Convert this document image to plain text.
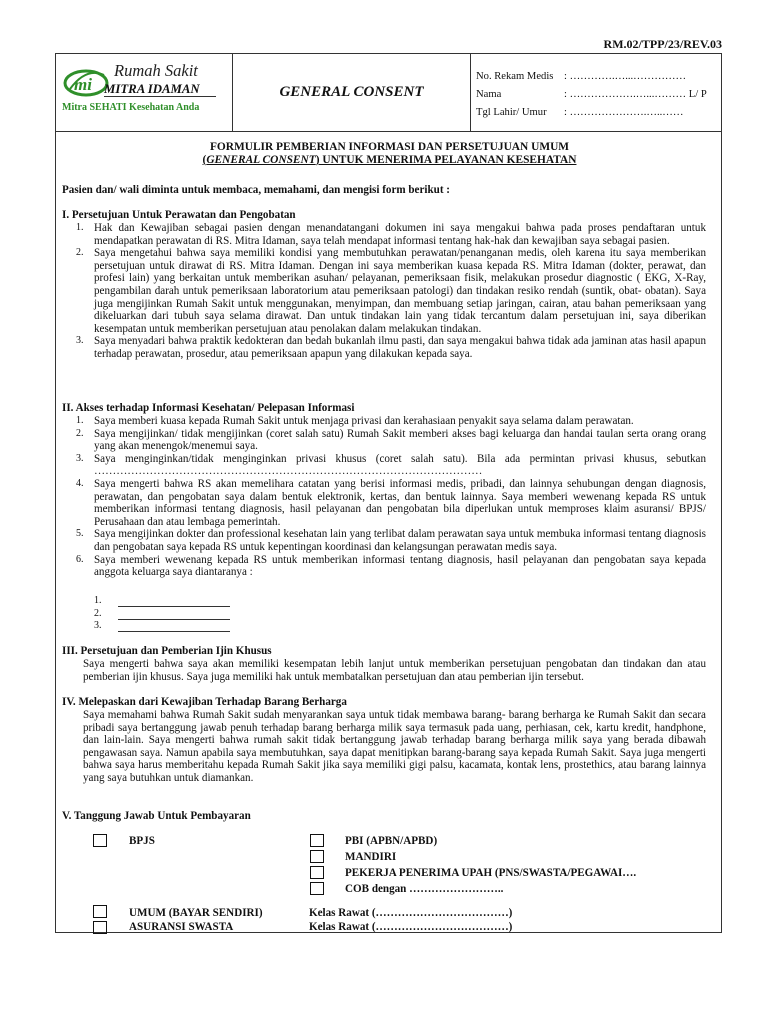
RM.02/TPP/23/REV.03
mi
Rumah Sakit
MITRA IDAMAN
Mitra SEHATI Kesehatan Anda
GENERAL CONSENT
No. Rekam Medis	: ………….…...……………
Nama	: ……………….…...……… L/ P
Tgl Lahir/ Umur	: ………………….…..……
FORMULIR PEMBERIAN INFORMASI DAN PERSETUJUAN UMUM
(GENERAL CONSENT) UNTUK MENERIMA PELAYANAN KESEHATAN

Pasien dan/ wali diminta untuk membaca, memahami, dan mengisi form berikut :

I. Persetujuan Untuk Perawatan dan Pengobatan
1. Hak dan Kewajiban sebagai pasien dengan menandatangani dokumen ini saya mengakui bahwa pada proses pendaftaran untuk mendapatkan perawatan di RS. Mitra Idaman, saya telah mendapat informasi tentang hak-hak dan kewajiban saya sebagai pasien.
2. Saya mengetahui bahwa saya memiliki kondisi yang membutuhkan perawatan/penanganan medis, oleh karena itu saya memberikan persetujuan untuk dirawat di RS. Mitra Idaman. Dengan ini saya memberikan kuasa kepada RS. Mitra Idaman (dokter, perawat, dan profesi lain) yang berkaitan untuk memberikan asuhan/ pelayanan, pemeriksaan fisik, melakukan prosedur diagnostic ( EKG, X-Ray, pengambilan darah untuk pemeriksaan laboratorium atau pemeriksaan patologi) dan tindakan resiko rendah (suntik, obat- obatan). Saya juga mengijinkan Rumah Sakit untuk menggunakan, menyimpan, dan membuang setiap jaringan, cairan, atau bahan pemeriksaan yang dikeluarkan dari tubuh saya selama dirawat. Dan untuk tindakan lain yang tidak tercantum dalam persetujuan ini, saya diberikan kesempatan untuk memberikan persetujuan atau penolakan dalam melakukan tindakan.
3. Saya menyadari bahwa praktik kedokteran dan bedah bukanlah ilmu pasti, dan saya mengakui bahwa tidak ada jaminan atas hasil apapun terhadap perawatan, prosedur, atau pemeriksaan apapun yang dilakukan kepada saya.
II. Akses terhadap Informasi Kesehatan/ Pelepasan Informasi
1. Saya memberi kuasa kepada Rumah Sakit untuk menjaga privasi dan kerahasiaan penyakit saya selama dalam perawatan.
2. Saya mengijinkan/ tidak mengijinkan (coret salah satu) Rumah Sakit memberi akses bagi keluarga dan handai taulan serta orang orang yang akan menengok/menemui saya.
3. Saya menginginkan/tidak menginginkan privasi khusus (coret salah satu). Bila ada permintan privasi khusus, sebutkan ……………………………………………………………………………………………
4. Saya mengerti bahwa RS akan memelihara catatan yang berisi informasi medis, pribadi, dan lainnya sehubungan dengan diagnosis, perawatan, dan pengobatan saya dalam bentuk elektronik, kertas, dan bentuk lainnya. Saya memberi wewenang kepada RS untuk memberikan informasi tentang diagnosis, hasil pelayanan dan pengobatan bila diperlukan untuk memproses klaim asuransi/ BPJS/ Perusahaan dan atau lembaga pemerintah.
5. Saya mengijinkan dokter dan professional kesehatan lain yang terlibat dalam perawatan saya untuk membuka informasi tentang diagnosis dan pengobatan saya kepada RS untuk kepentingan koordinasi dan kelangsungan perawatan medis saya.
6. Saya memberi wewenang kepada RS untuk memberikan informasi tentang diagnosis, hasil pelayanan dan pengobatan saya kepada anggota keluarga saya diantaranya :
1.
2.
3.
III. Persetujuan dan Pemberian Ijin Khusus

Saya mengerti bahwa saya akan memiliki kesempatan lebih lanjut untuk memberikan persetujuan pengobatan dan tindakan dan atau pemberian ijin khusus. Saya juga memiliki hak untuk membatalkan persetujuan dan atau pemberian ijin tersebut.

IV. Melepaskan dari Kewajiban Terhadap Barang Berharga

Saya memahami bahwa Rumah Sakit sudah menyarankan saya untuk tidak membawa barang- barang berharga ke Rumah Sakit dan secara pribadi saya bertanggung jawab penuh terhadap barang berharga milik saya termasuk pada uang, perhiasan, cek, kartu kredit, handphone, dan lain-lain. Saya mengerti bahwa rumah sakit tidak bertanggung jawab terhadap barang berharga milik saya yang berada dibawah pengawasan saya. Namun apabila saya membutuhkan, saya dapat menitipkan barang-barang saya kepada Rumah Sakit. Saya juga mengerti bahwa saya harus memberitahu kepada Rumah Sakit jika saya memiliki gigi palsu, kacamata, kontak lens, prostethics, atau barang lainnya yang saya butuhkan untuk diamankan.

V. Tanggung Jawab Untuk Pembayaran
BPJS	PBI (APBN/APBD)
MANDIRI
PEKERJA PENERIMA UPAH (PNS/SWASTA/PEGAWAI….
COB dengan ……………………..
UMUM (BAYAR SENDIRI)	Kelas Rawat (………………………………)
ASURANSI SWASTA	Kelas Rawat (………………………………)
